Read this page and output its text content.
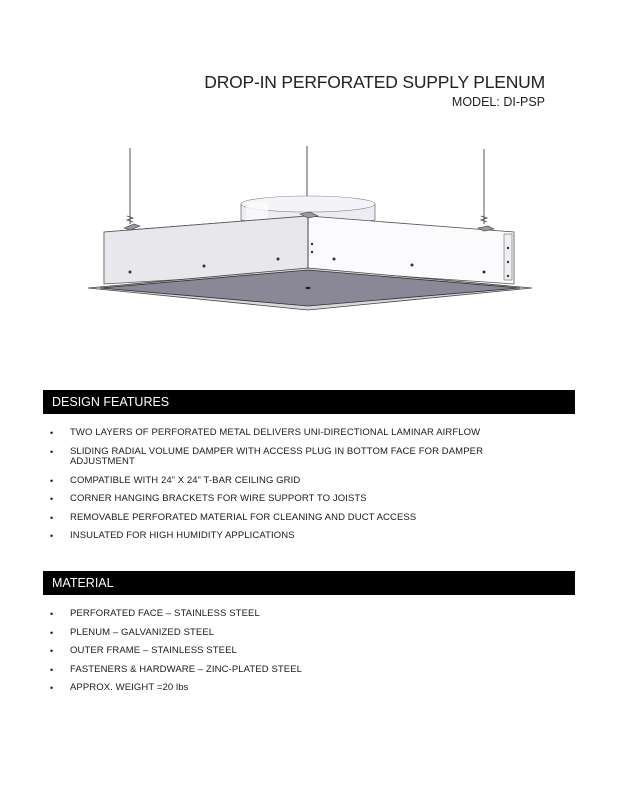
DROP-IN PERFORATED SUPPLY PLENUM
MODEL: DI-PSP
DESIGN FEATURES
• TWO LAYERS OF PERFORATED METAL DELIVERS UNI-DIRECTIONAL LAMINAR AIRFLOW
• SLIDING RADIAL VOLUME DAMPER WITH ACCESS PLUG IN BOTTOM FACE FOR DAMPER ADJUSTMENT
• COMPATIBLE WITH 24” X 24” T-BAR CEILING GRID
• CORNER HANGING BRACKETS FOR WIRE SUPPORT TO JOISTS
• REMOVABLE PERFORATED MATERIAL FOR CLEANING AND DUCT ACCESS
• INSULATED FOR HIGH HUMIDITY APPLICATIONS
MATERIAL
• PERFORATED FACE – STAINLESS STEEL
• PLENUM – GALVANIZED STEEL
• OUTER FRAME – STAINLESS STEEL
• FASTENERS & HARDWARE – ZINC-PLATED STEEL
• APPROX. WEIGHT =20 lbs
